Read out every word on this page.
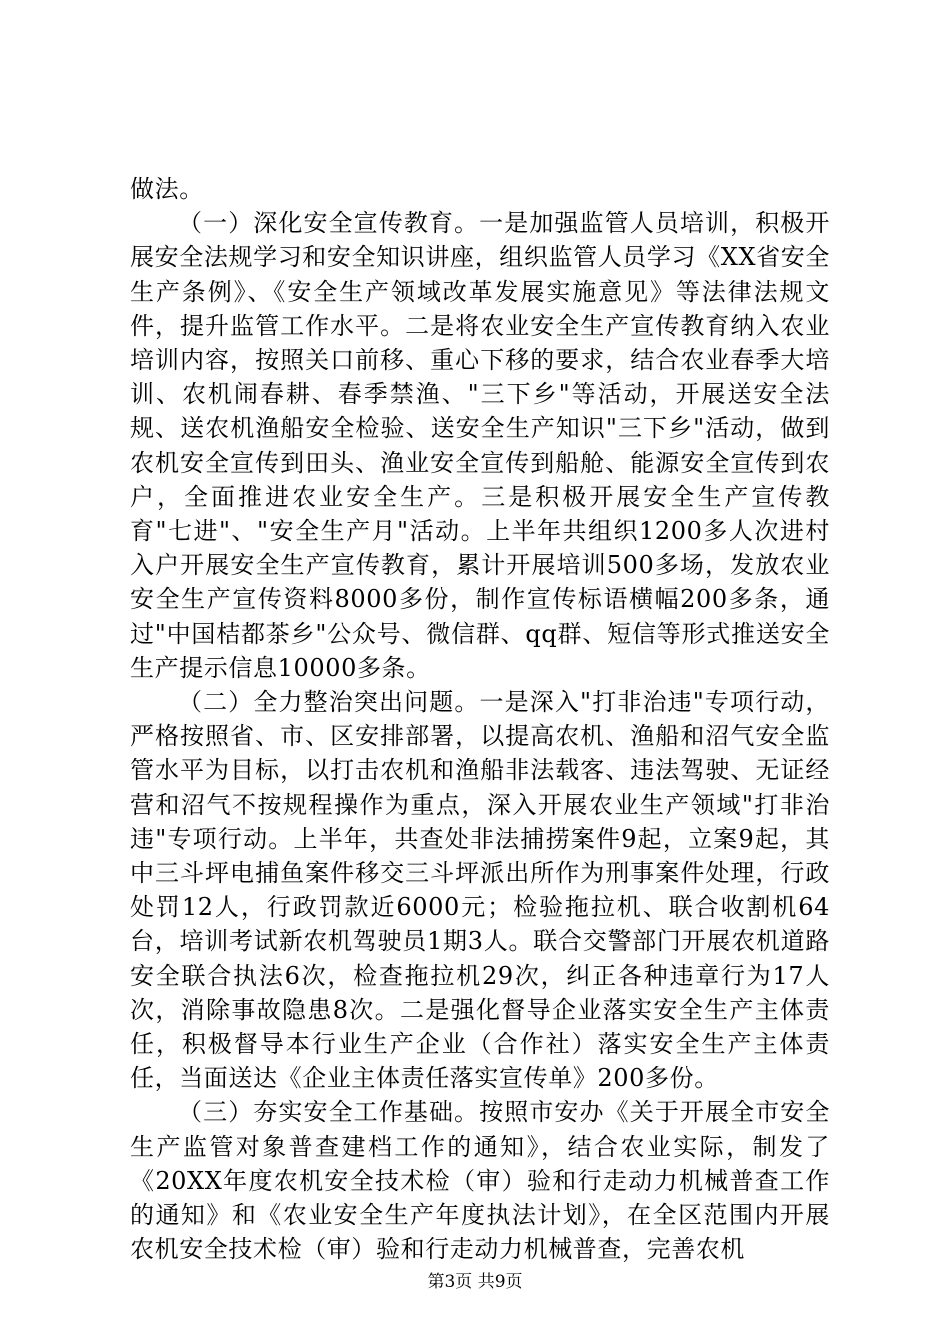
做法。

（一）深化安全宣传教育。一是加强监管人员培训，积极开展安全法规学习和安全知识讲座，组织监管人员学习《XX省安全生产条例》、《安全生产领域改革发展实施意见》等法律法规文件，提升监管工作水平。二是将农业安全生产宣传教育纳入农业培训内容，按照关口前移、重心下移的要求，结合农业春季大培训、农机闹春耕、春季禁渔、"三下乡"等活动，开展送安全法规、送农机渔船安全检验、送安全生产知识"三下乡"活动，做到农机安全宣传到田头、渔业安全宣传到船舱、能源安全宣传到农户，全面推进农业安全生产。三是积极开展安全生产宣传教育"七进"、"安全生产月"活动。上半年共组织1200多人次进村入户开展安全生产宣传教育，累计开展培训500多场，发放农业安全生产宣传资料8000多份，制作宣传标语横幅200多条，通过"中国桔都茶乡"公众号、微信群、qq群、短信等形式推送安全生产提示信息10000多条。

（二）全力整治突出问题。一是深入"打非治违"专项行动，严格按照省、市、区安排部署，以提高农机、渔船和沼气安全监管水平为目标，以打击农机和渔船非法载客、违法驾驶、无证经营和沼气不按规程操作为重点，深入开展农业生产领域"打非治违"专项行动。上半年，共查处非法捕捞案件9起，立案9起，其中三斗坪电捕鱼案件移交三斗坪派出所作为刑事案件处理，行政处罚12人，行政罚款近6000元；检验拖拉机、联合收割机64台，培训考试新农机驾驶员1期3人。联合交警部门开展农机道路安全联合执法6次，检查拖拉机29次，纠正各种违章行为17人次，消除事故隐患8次。二是强化督导企业落实安全生产主体责任，积极督导本行业生产企业（合作社）落实安全生产主体责任，当面送达《企业主体责任落实宣传单》200多份。

（三）夯实安全工作基础。按照市安办《关于开展全市安全生产监管对象普查建档工作的通知》，结合农业实际，制发了《20XX年度农机安全技术检（审）验和行走动力机械普查工作的通知》和《农业安全生产年度执法计划》，在全区范围内开展农机安全技术检（审）验和行走动力机械普查，完善农机

第3页 共9页
